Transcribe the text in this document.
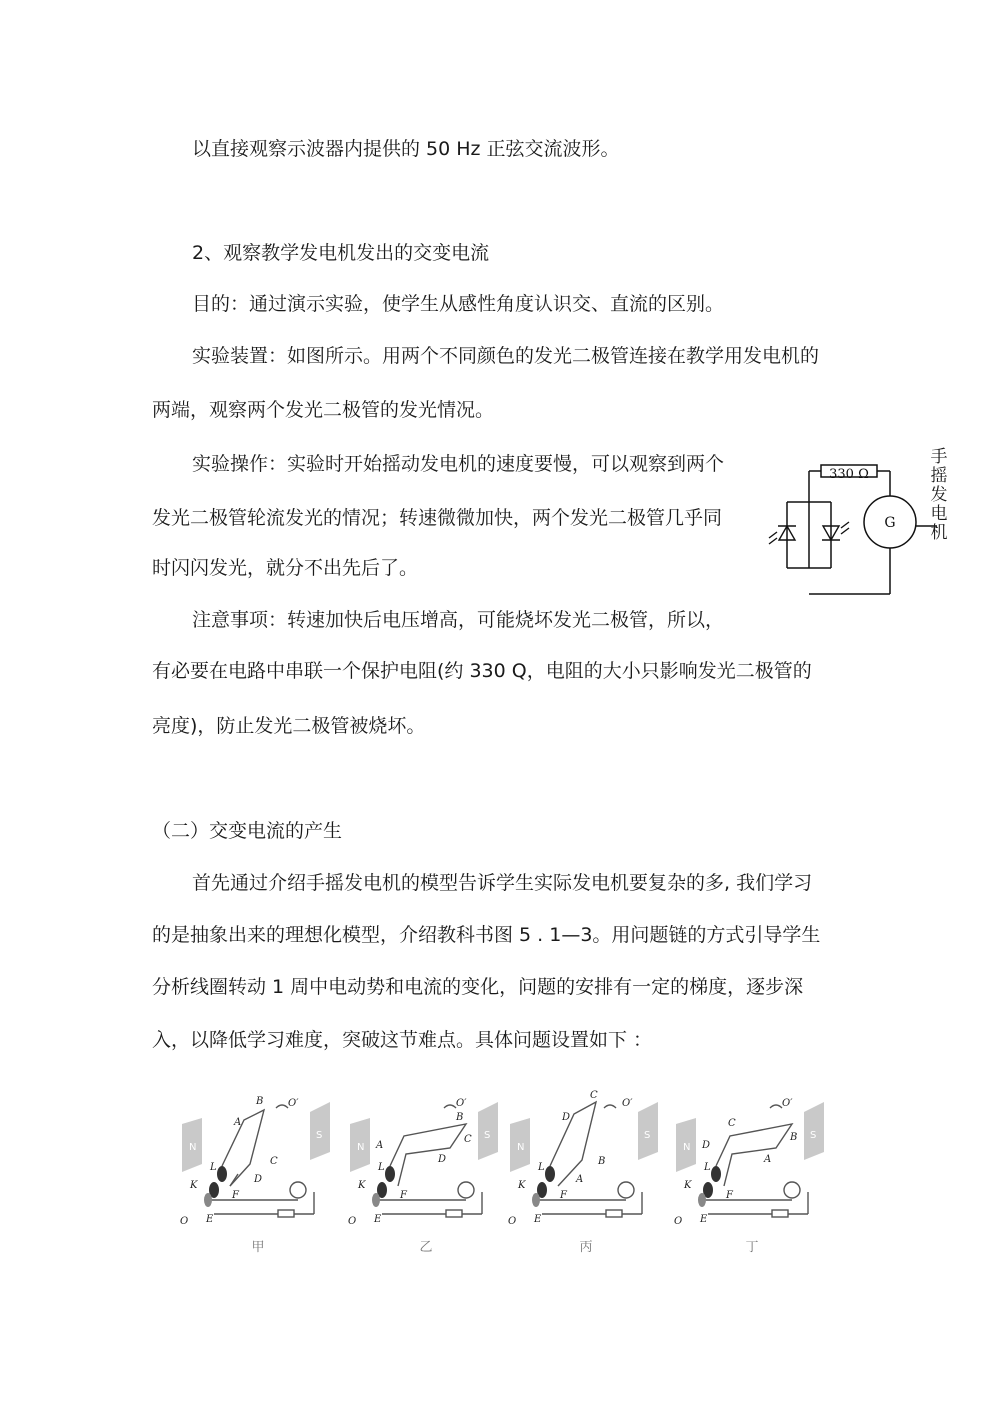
以直接观察示波器内提供的 50 Hz 正弦交流波形。
2、观察教学发电机发出的交变电流
目的：通过演示实验，使学生从感性角度认识交、直流的区别。
实验装置：如图所示。用两个不同颜色的发光二极管连接在教学用发电机的
两端，观察两个发光二极管的发光情况。
实验操作：实验时开始摇动发电机的速度要慢，可以观察到两个
发光二极管轮流发光的情况；转速微微加快，两个发光二极管几乎同
时闪闪发光，就分不出先后了。
注意事项：转速加快后电压增高，可能烧坏发光二极管，所以，
有必要在电路中串联一个保护电阻(约 330 Q，电阻的大小只影响发光二极管的
亮度)，防止发光二极管被烧坏。
330 Ω
G
手
摇
发
电
机
（二）交变电流的产生
首先通过介绍手摇发电机的模型告诉学生实际发电机要复杂的多, 我们学习
的是抽象出来的理想化模型，介绍教科书图 5 . 1—3。用问题链的方式引导学生
分析线圈转动 1 周中电动势和电流的变化，问题的安排有一定的梯度，逐步深
入，以降低学习难度，突破这节难点。具体问题设置如下 ：
N
S
B
A
C
D
O′
O
L
K
F
E
甲
N
S
B
A
C
D
O′
O
L
K
F
E
乙
N
S
C
D
B
A
O′
O
L
K
F
E
丙
N
S
C
D
B
A
O′
O
L
K
F
E
丁
